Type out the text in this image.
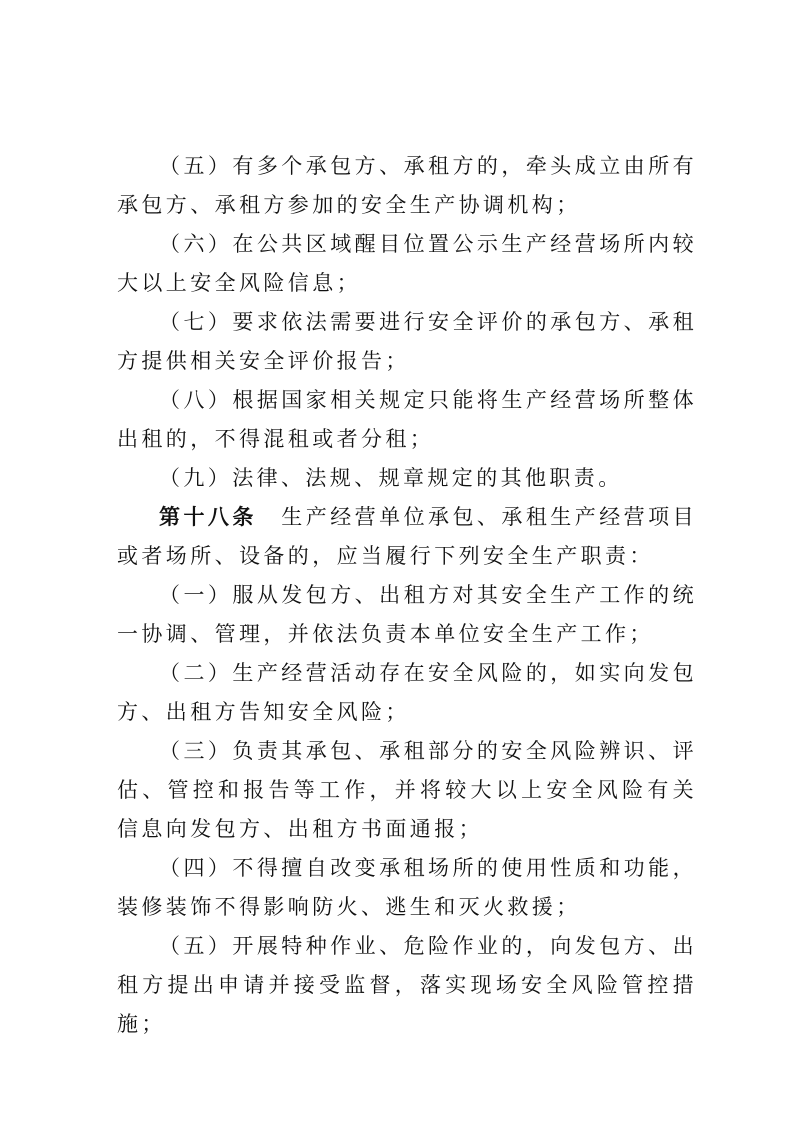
（五）有多个承包方、承租方的，牵头成立由所有承包方、承租方参加的安全生产协调机构；

（六）在公共区域醒目位置公示生产经营场所内较大以上安全风险信息；

（七）要求依法需要进行安全评价的承包方、承租方提供相关安全评价报告；

（八）根据国家相关规定只能将生产经营场所整体出租的，不得混租或者分租；

（九）法律、法规、规章规定的其他职责。

第十八条  生产经营单位承包、承租生产经营项目或者场所、设备的，应当履行下列安全生产职责：

（一）服从发包方、出租方对其安全生产工作的统一协调、管理，并依法负责本单位安全生产工作；

（二）生产经营活动存在安全风险的，如实向发包方、出租方告知安全风险；

（三）负责其承包、承租部分的安全风险辨识、评估、管控和报告等工作，并将较大以上安全风险有关信息向发包方、出租方书面通报；

（四）不得擅自改变承租场所的使用性质和功能，装修装饰不得影响防火、逃生和灭火救援；

（五）开展特种作业、危险作业的，向发包方、出租方提出申请并接受监督，落实现场安全风险管控措施；
